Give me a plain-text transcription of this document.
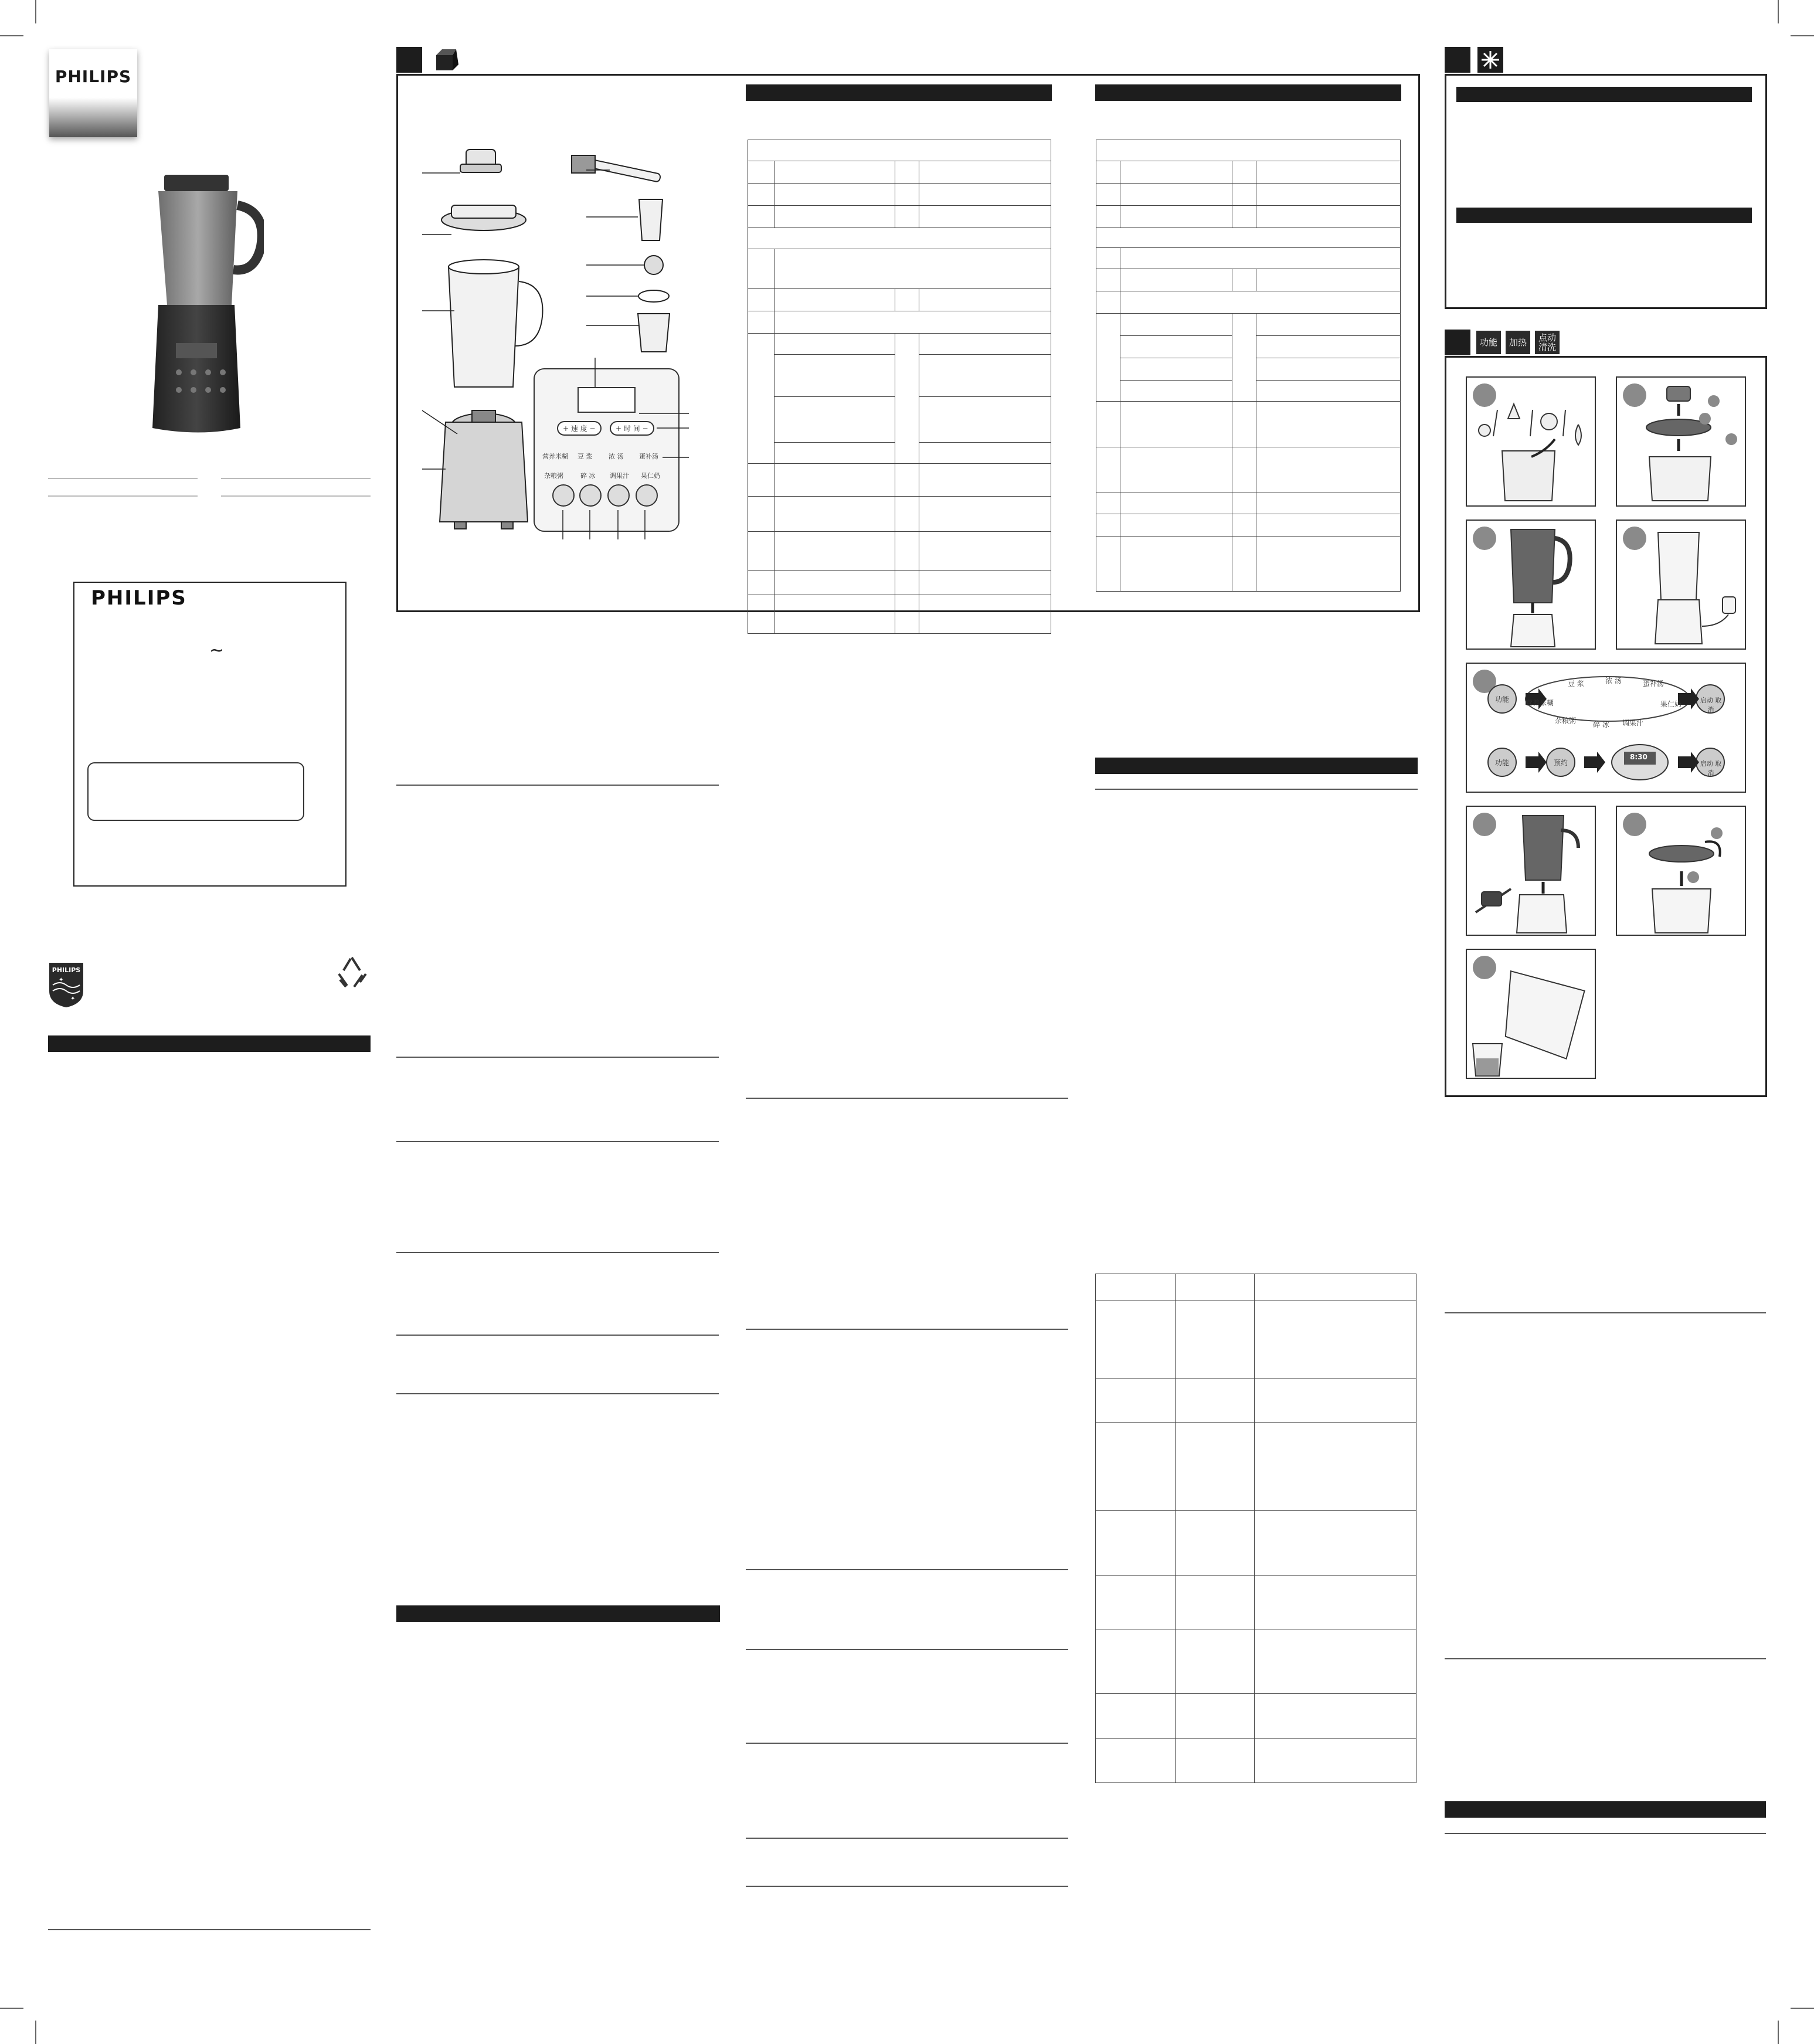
PHILIPS
PHILIPS
~
PHILIPS
✦
✦
+ 速 度 −	+ 时 间 −
营养米糊 豆 浆	浓 汤 蛋补汤
杂粮粥	碎 冰 调果汁 果仁奶

功能	加热	点动 清洗
豆 浆	浓 汤	蛋补汤
果仁奶
调果汁
碎 冰
杂粮粥
营养米糊
功能
功能	预约
8:30
启动 取消
启动 取消
